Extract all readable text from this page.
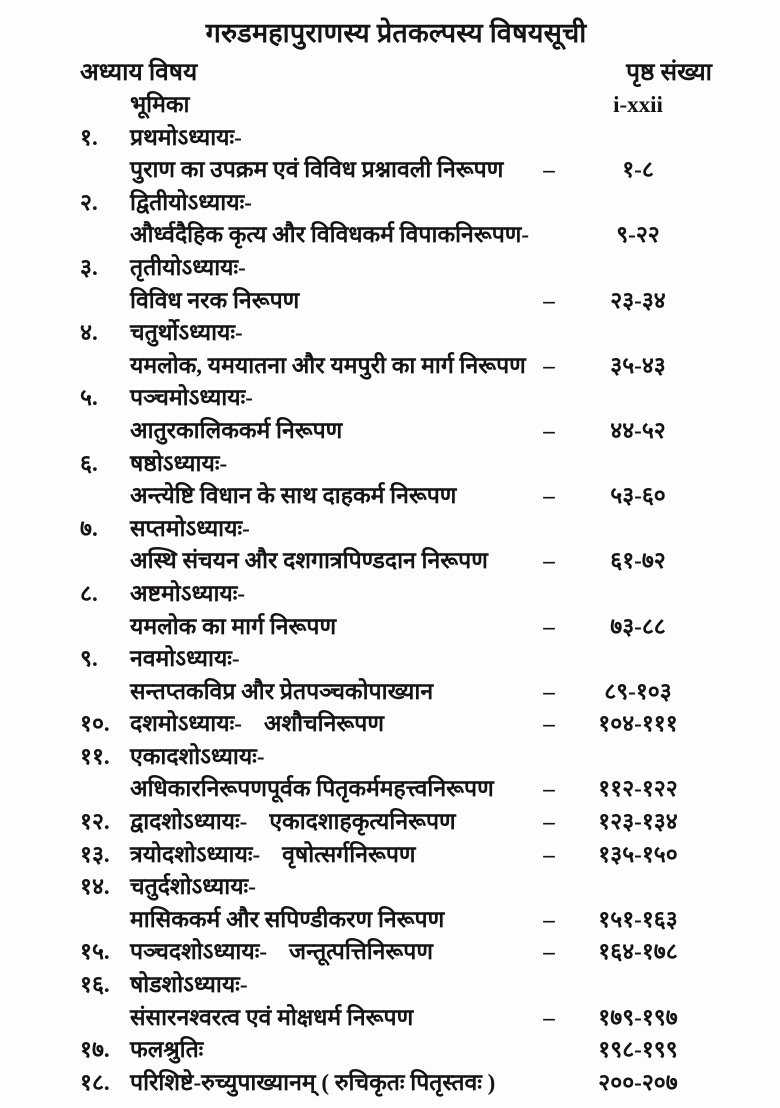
गरुडमहापुराणस्य प्रेतकल्पस्य विषयसूची
अध्याय विषय	पृष्ठ संख्या
भूमिका	i-xxii
१.	प्रथमोऽध्यायः-
पुराण का उपक्रम एवं विविध प्रश्नावली निरूपण	–	१-८
२.	द्वितीयोऽध्यायः-
और्ध्वदैहिक कृत्य और विविधकर्म विपाकनिरूपण-	९-२२
३.	तृतीयोऽध्यायः-
विविध नरक निरूपण	–	२३-३४
४.	चतुर्थोऽध्यायः-
यमलोक, यमयातना और यमपुरी का मार्ग निरूपण –	३५-४३
५.	पञ्चमोऽध्यायः-
आतुरकालिककर्म निरूपण	–	४४-५२
६.	षष्ठोऽध्यायः-
अन्त्येष्टि विधान के साथ दाहकर्म निरूपण	–	५३-६०
७.	सप्तमोऽध्यायः-
अस्थि संचयन और दशगात्रपिण्डदान निरूपण	–	६१-७२
८.	अष्टमोऽध्यायः-
यमलोक का मार्ग निरूपण	–	७३-८८
९.	नवमोऽध्यायः-
सन्तप्तकविप्र और प्रेतपञ्चकोपाख्यान	–	८९-१०३
१०. दशमोऽध्यायः- अशौचनिरूपण	–	१०४-१११
११. एकादशोऽध्यायः-
अधिकारनिरूपणपूर्वक पितृकर्ममहत्त्वनिरूपण	–	११२-१२२
१२. द्वादशोऽध्यायः- एकादशाहकृत्यनिरूपण	–	१२३-१३४
१३. त्रयोदशोऽध्यायः- वृषोत्सर्गनिरूपण	–	१३५-१५०
१४. चतुर्दशोऽध्यायः-
मासिककर्म और सपिण्डीकरण निरूपण	–	१५१-१६३
१५. पञ्चदशोऽध्यायः- जन्तूत्पत्तिनिरूपण	–	१६४-१७८
१६. षोडशोऽध्यायः-
संसारनश्वरत्व एवं मोक्षधर्म निरूपण	–	१७९-१९७
१७. फलश्रुतिः	१९८-१९९
१८. परिशिष्टे-रुच्युपाख्यानम् ( रुचिकृतः पितृस्तवः )	२००-२०७
